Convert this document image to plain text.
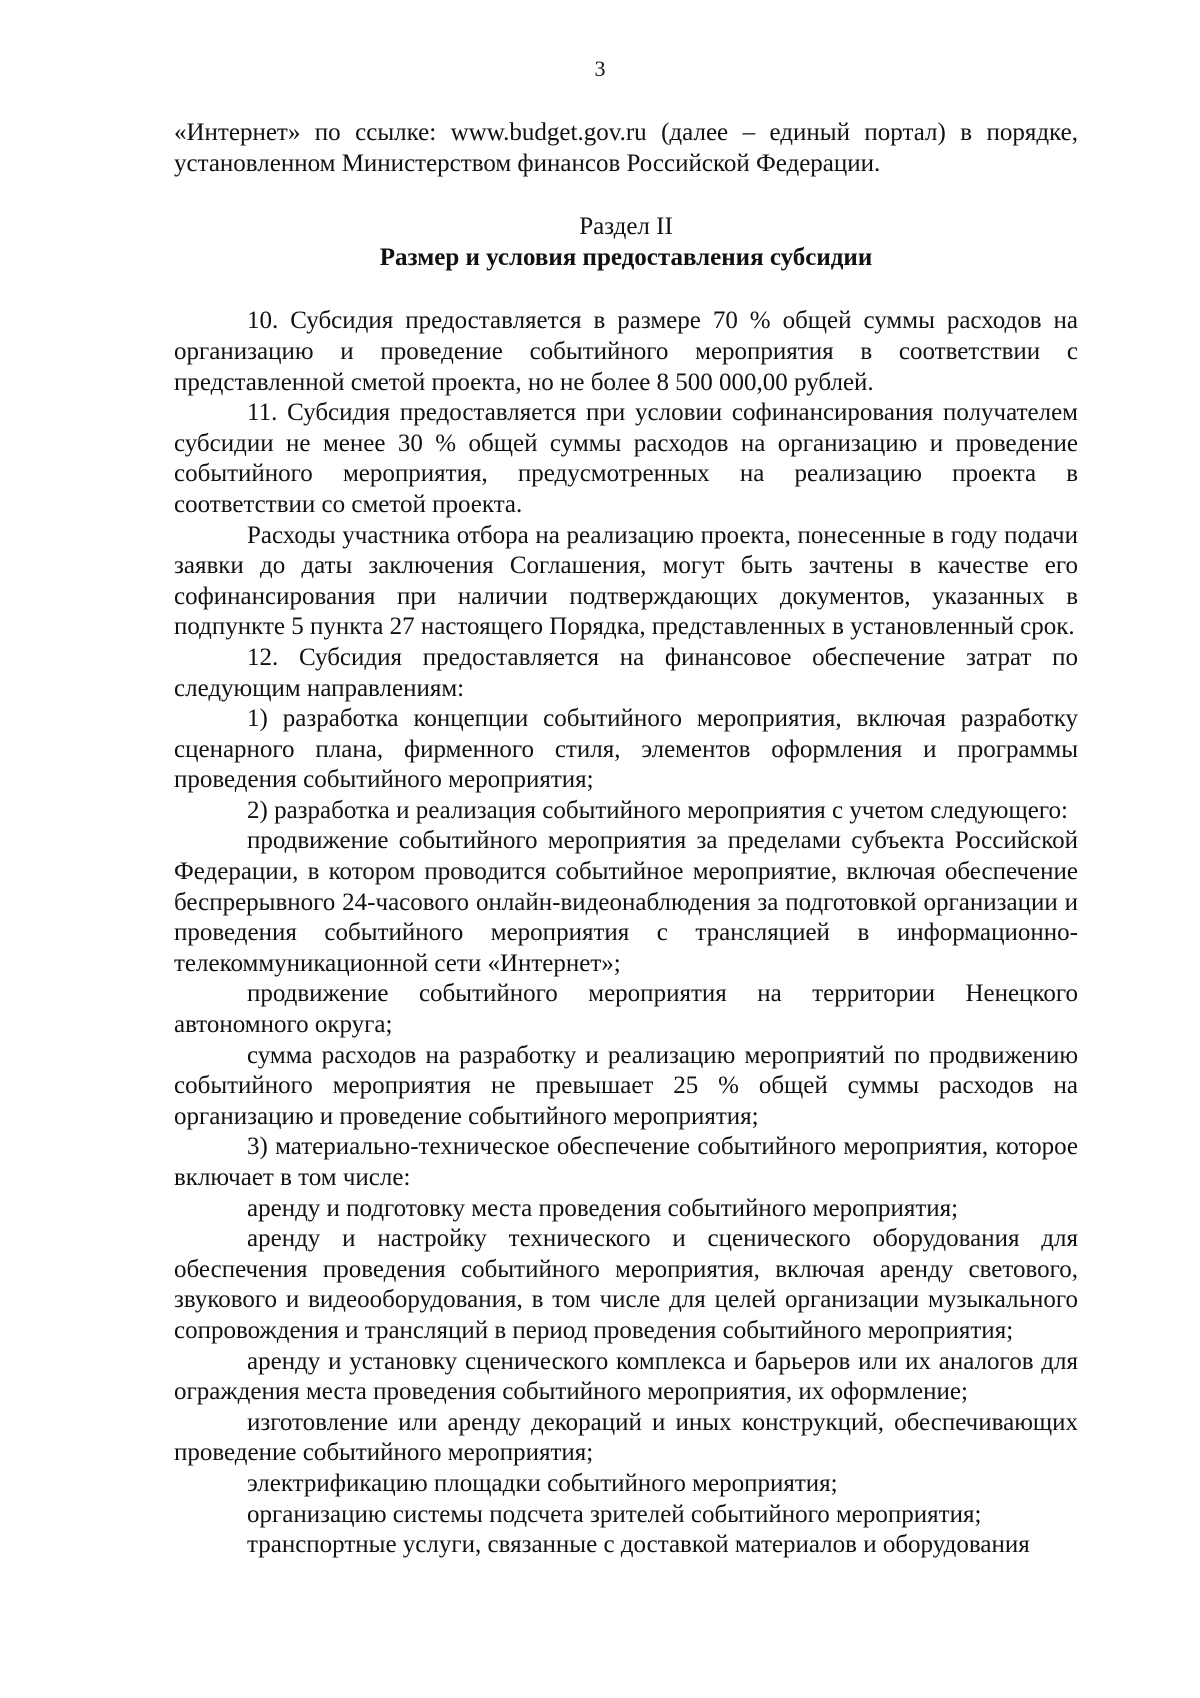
3

«Интернет» по ссылке: www.budget.gov.ru (далее – единый портал) в порядке, установленном Министерством финансов Российской Федерации.

Раздел II
Размер и условия предоставления субсидии

10. Субсидия предоставляется в размере 70 % общей суммы расходов на организацию и проведение событийного мероприятия в соответствии с представленной сметой проекта, но не более 8 500 000,00 рублей.

11. Субсидия предоставляется при условии софинансирования получателем субсидии не менее 30 % общей суммы расходов на организацию и проведение событийного мероприятия, предусмотренных на реализацию проекта в соответствии со сметой проекта.

Расходы участника отбора на реализацию проекта, понесенные в году подачи заявки до даты заключения Соглашения, могут быть зачтены в качестве его софинансирования при наличии подтверждающих документов, указанных в подпункте 5 пункта 27 настоящего Порядка, представленных в установленный срок.

12. Субсидия предоставляется на финансовое обеспечение затрат по следующим направлениям:

1) разработка концепции событийного мероприятия, включая разработку сценарного плана, фирменного стиля, элементов оформления и программы проведения событийного мероприятия;

2) разработка и реализация событийного мероприятия с учетом следующего:

продвижение событийного мероприятия за пределами субъекта Российской Федерации, в котором проводится событийное мероприятие, включая обеспечение беспрерывного 24-часового онлайн-видеонаблюдения за подготовкой организации и проведения событийного мероприятия с трансляцией в информационно-телекоммуникационной сети «Интернет»;

продвижение событийного мероприятия на территории Ненецкого автономного округа;

сумма расходов на разработку и реализацию мероприятий по продвижению событийного мероприятия не превышает 25 % общей суммы расходов на организацию и проведение событийного мероприятия;

3) материально-техническое обеспечение событийного мероприятия, которое включает в том числе:

аренду и подготовку места проведения событийного мероприятия;

аренду и настройку технического и сценического оборудования для обеспечения проведения событийного мероприятия, включая аренду светового, звукового и видеооборудования, в том числе для целей организации музыкального сопровождения и трансляций в период проведения событийного мероприятия;

аренду и установку сценического комплекса и барьеров или их аналогов для ограждения места проведения событийного мероприятия, их оформление;

изготовление или аренду декораций и иных конструкций, обеспечивающих проведение событийного мероприятия;

электрификацию площадки событийного мероприятия;

организацию системы подсчета зрителей событийного мероприятия;

транспортные услуги, связанные с доставкой материалов и оборудования
